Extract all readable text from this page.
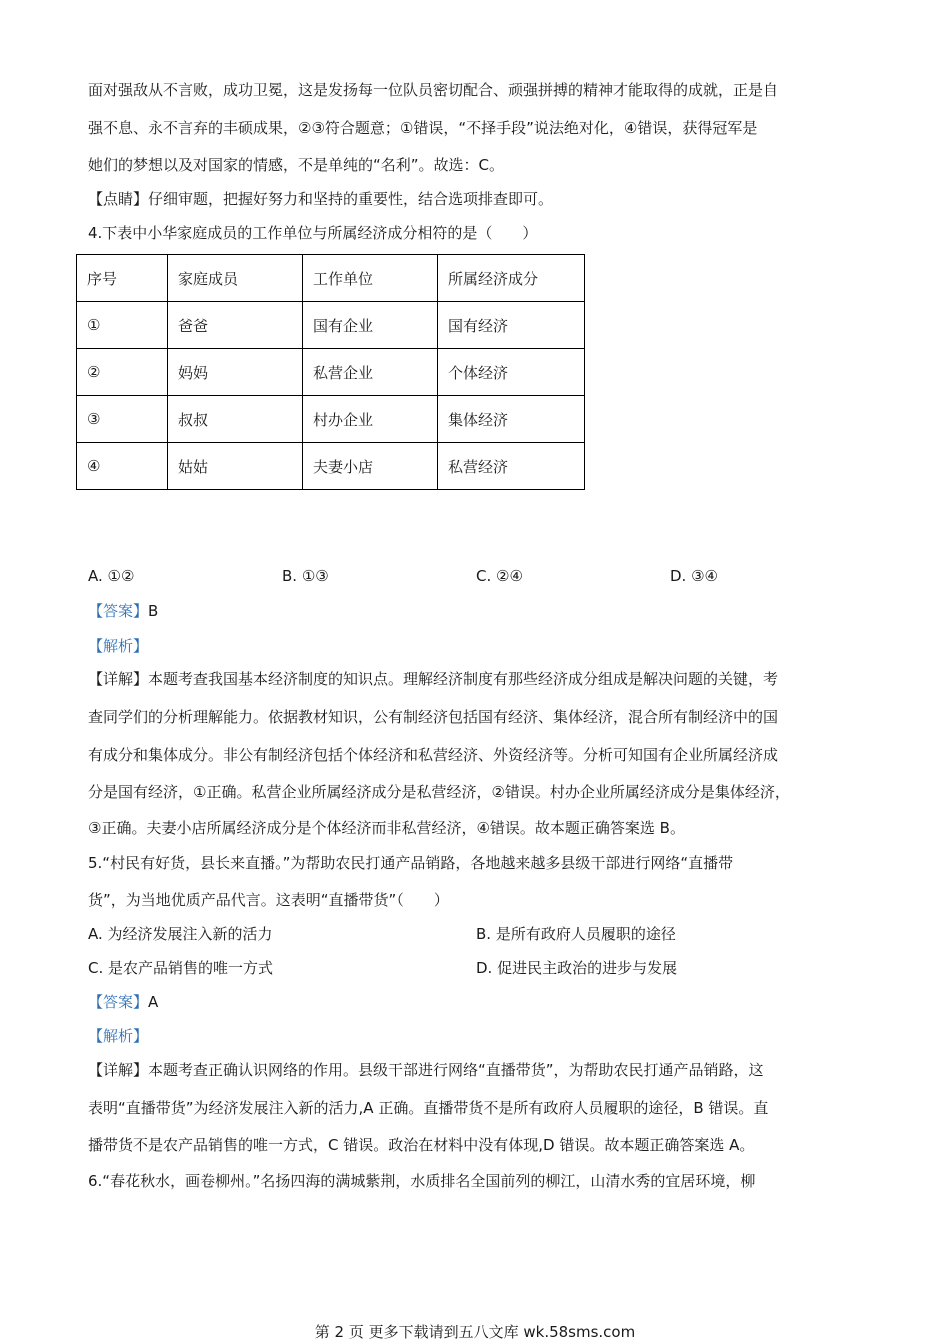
面对强敌从不言败，成功卫冕，这是发扬每一位队员密切配合、顽强拼搏的精神才能取得的成就，正是自
强不息、永不言弃的丰硕成果，②③符合题意；①错误，“不择手段”说法绝对化，④错误，获得冠军是
她们的梦想以及对国家的情感，不是单纯的“名利”。故选：C。
【点睛】仔细审题，把握好努力和坚持的重要性，结合选项排查即可。
4.下表中小华家庭成员的工作单位与所属经济成分相符的是（　　）
序号	家庭成员	工作单位	所属经济成分
①	爸爸	国有企业	国有经济
②	妈妈	私营企业	个体经济
③	叔叔	村办企业	集体经济
④	姑姑	夫妻小店	私营经济
A. ①②	B. ①③	C. ②④	D. ③④
【答案】B
【解析】
【详解】本题考查我国基本经济制度的知识点。理解经济制度有那些经济成分组成是解决问题的关键，考
查同学们的分析理解能力。依据教材知识，公有制经济包括国有经济、集体经济，混合所有制经济中的国
有成分和集体成分。非公有制经济包括个体经济和私营经济、外资经济等。分析可知国有企业所属经济成
分是国有经济，①正确。私营企业所属经济成分是私营经济，②错误。村办企业所属经济成分是集体经济，
③正确。夫妻小店所属经济成分是个体经济而非私营经济，④错误。故本题正确答案选 B。
5.“村民有好货，县长来直播。”为帮助农民打通产品销路，各地越来越多县级干部进行网络“直播带
货”，为当地优质产品代言。这表明“直播带货”（　　）
A. 为经济发展注入新的活力	B. 是所有政府人员履职的途径
C. 是农产品销售的唯一方式	D. 促进民主政治的进步与发展
【答案】A
【解析】
【详解】本题考查正确认识网络的作用。县级干部进行网络“直播带货”，为帮助农民打通产品销路，这
表明“直播带货”为经济发展注入新的活力,A 正确。直播带货不是所有政府人员履职的途径，B 错误。直
播带货不是农产品销售的唯一方式，C 错误。政治在材料中没有体现,D 错误。故本题正确答案选 A。
6.“春花秋水，画卷柳州。”名扬四海的满城紫荆，水质排名全国前列的柳江，山清水秀的宜居环境，柳
第 2 页 更多下载请到五八文库 wk.58sms.com
